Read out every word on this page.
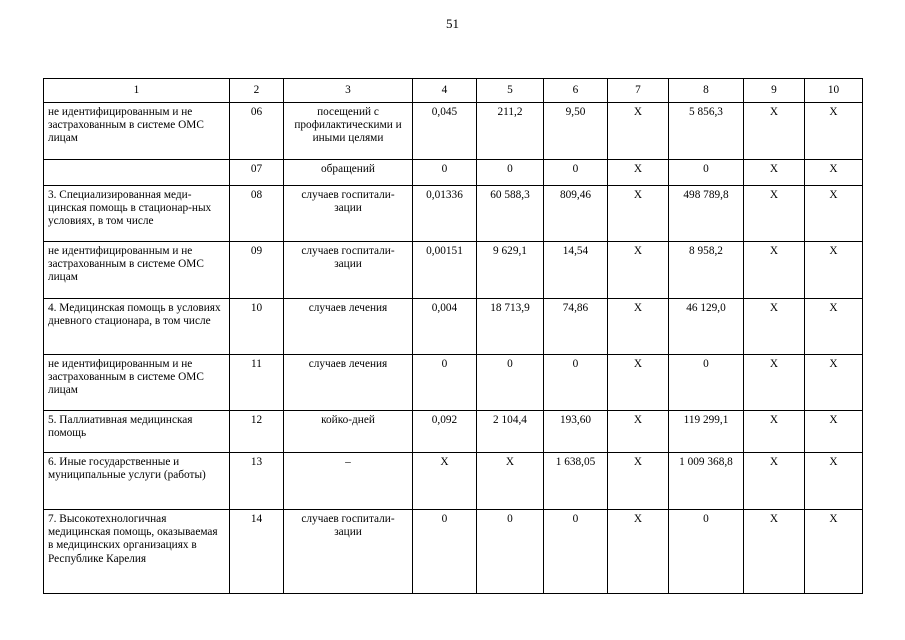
51
1	2	3	4	5	6	7	8	9	10
не идентифицированным и не застрахованным в системе ОМС лицам	06	посещений с профилактическими и иными целями	0,045	211,2	9,50	Х	5 856,3	Х	Х
	07	обращений	0	0	0	Х	0	Х	Х
3. Специализированная меди-цинская помощь в стационар-ных условиях, в том числе	08	случаев госпитали-зации	0,01336	60 588,3	809,46	Х	498 789,8	Х	Х
не идентифицированным и не застрахованным в системе ОМС лицам	09	случаев госпитали-зации	0,00151	9 629,1	14,54	Х	8 958,2	Х	Х
4. Медицинская помощь в условиях дневного стационара, в том числе	10	случаев лечения	0,004	18 713,9	74,86	Х	46 129,0	Х	Х
не идентифицированным и не застрахованным в системе ОМС лицам	11	случаев лечения	0	0	0	Х	0	Х	Х
5. Паллиативная медицинская помощь	12	койко-дней	0,092	2 104,4	193,60	Х	119 299,1	Х	Х
6. Иные государственные и муниципальные услуги (работы)	13	–	Х	Х	1 638,05	Х	1 009 368,8	Х	Х
7. Высокотехнологичная медицинская помощь, оказываемая в медицинских организациях в Республике Карелия	14	случаев госпитали-зации	0	0	0	Х	0	Х	Х
